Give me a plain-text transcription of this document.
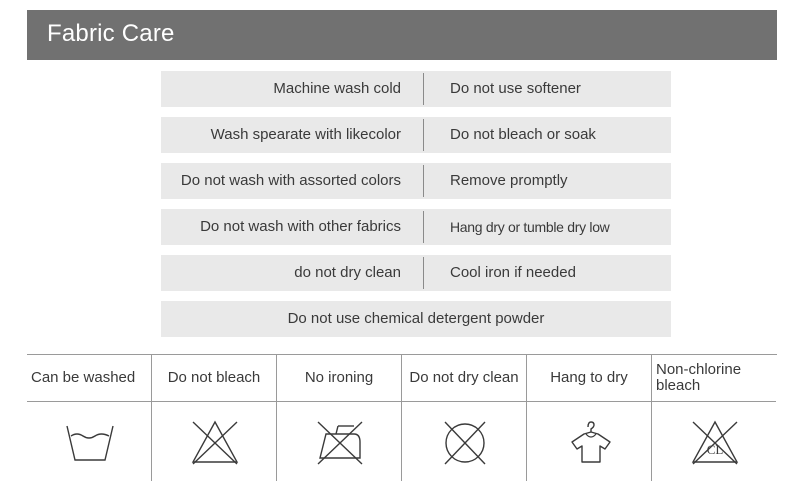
Fabric Care
Machine wash cold	Do not use softener
Wash spearate with likecolor	Do not bleach or soak
Do not wash with assorted colors	Remove promptly
Do not wash with other fabrics	Hang dry or tumble dry low
do not dry clean	Cool iron if needed
Do not use chemical detergent powder
Can be washed	Do not bleach	No ironing	Do not dry clean	Hang to dry	Non-chlorine bleach
CL
